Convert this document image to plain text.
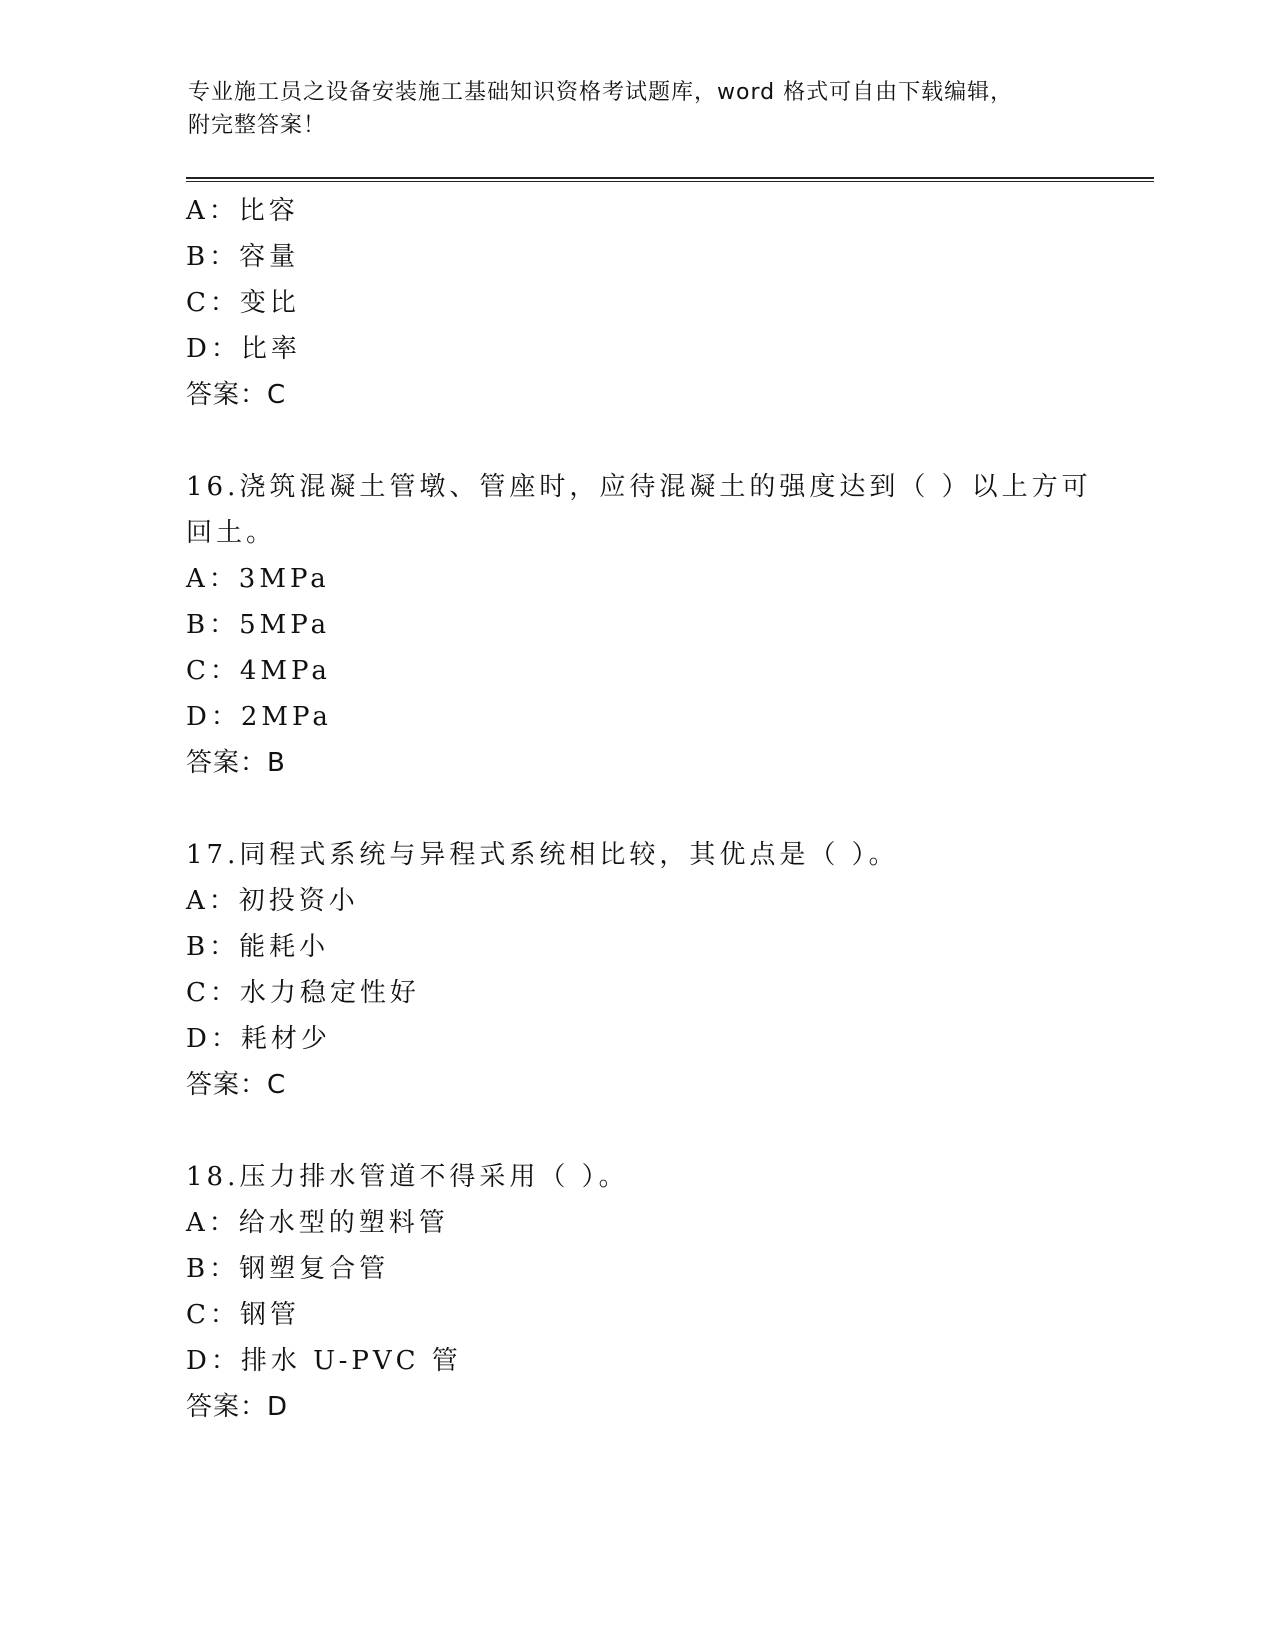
专业施工员之设备安装施工基础知识资格考试题库，word 格式可自由下载编辑，
附完整答案！
A：比容
B：容量
C：变比
D：比率
答案：C
16.浇筑混凝土管墩、管座时，应待混凝土的强度达到（ ）以上方可
回土。
A：3MPa
B：5MPa
C：4MPa
D：2MPa
答案：B
17.同程式系统与异程式系统相比较，其优点是（ ）。
A：初投资小
B：能耗小
C：水力稳定性好
D：耗材少
答案：C
18.压力排水管道不得采用（ ）。
A：给水型的塑料管
B：钢塑复合管
C：钢管
D：排水 U-PVC 管
答案：D
